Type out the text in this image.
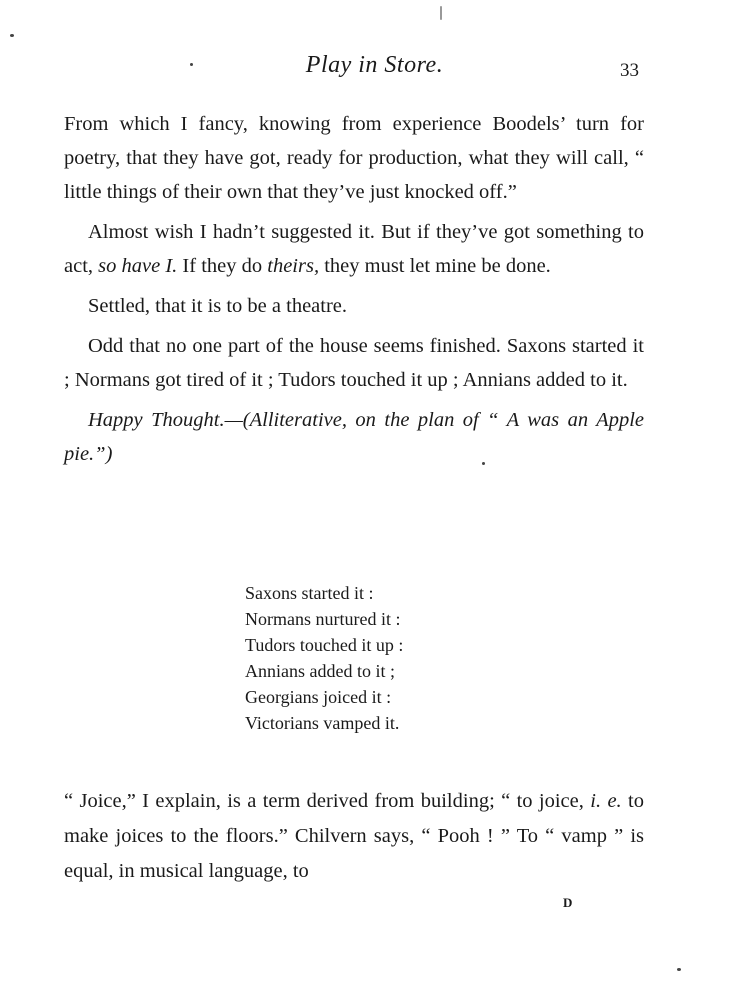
Play in Store.	33

From which I fancy, knowing from experience Boodels’ turn for poetry, that they have got, ready for production, what they will call, “ little things of their own that they’ve just knocked off.”

Almost wish I hadn’t suggested it. But if they’ve got something to act, so have I. If they do theirs, they must let mine be done.

Settled, that it is to be a theatre.

Odd that no one part of the house seems finished. Saxons started it ; Normans got tired of it ; Tudors touched it up ; Annians added to it.

Happy Thought.—(Alliterative, on the plan of “ A was an Apple pie.”)

Saxons started it :
Normans nurtured it :
Tudors touched it up :
Annians added to it ;
Georgians joiced it :
Victorians vamped it.

“ Joice,” I explain, is a term derived from building; “ to joice, i. e. to make joices to the floors.” Chilvern says, “ Pooh ! ” To “ vamp ” is equal, in musical language, to

D
